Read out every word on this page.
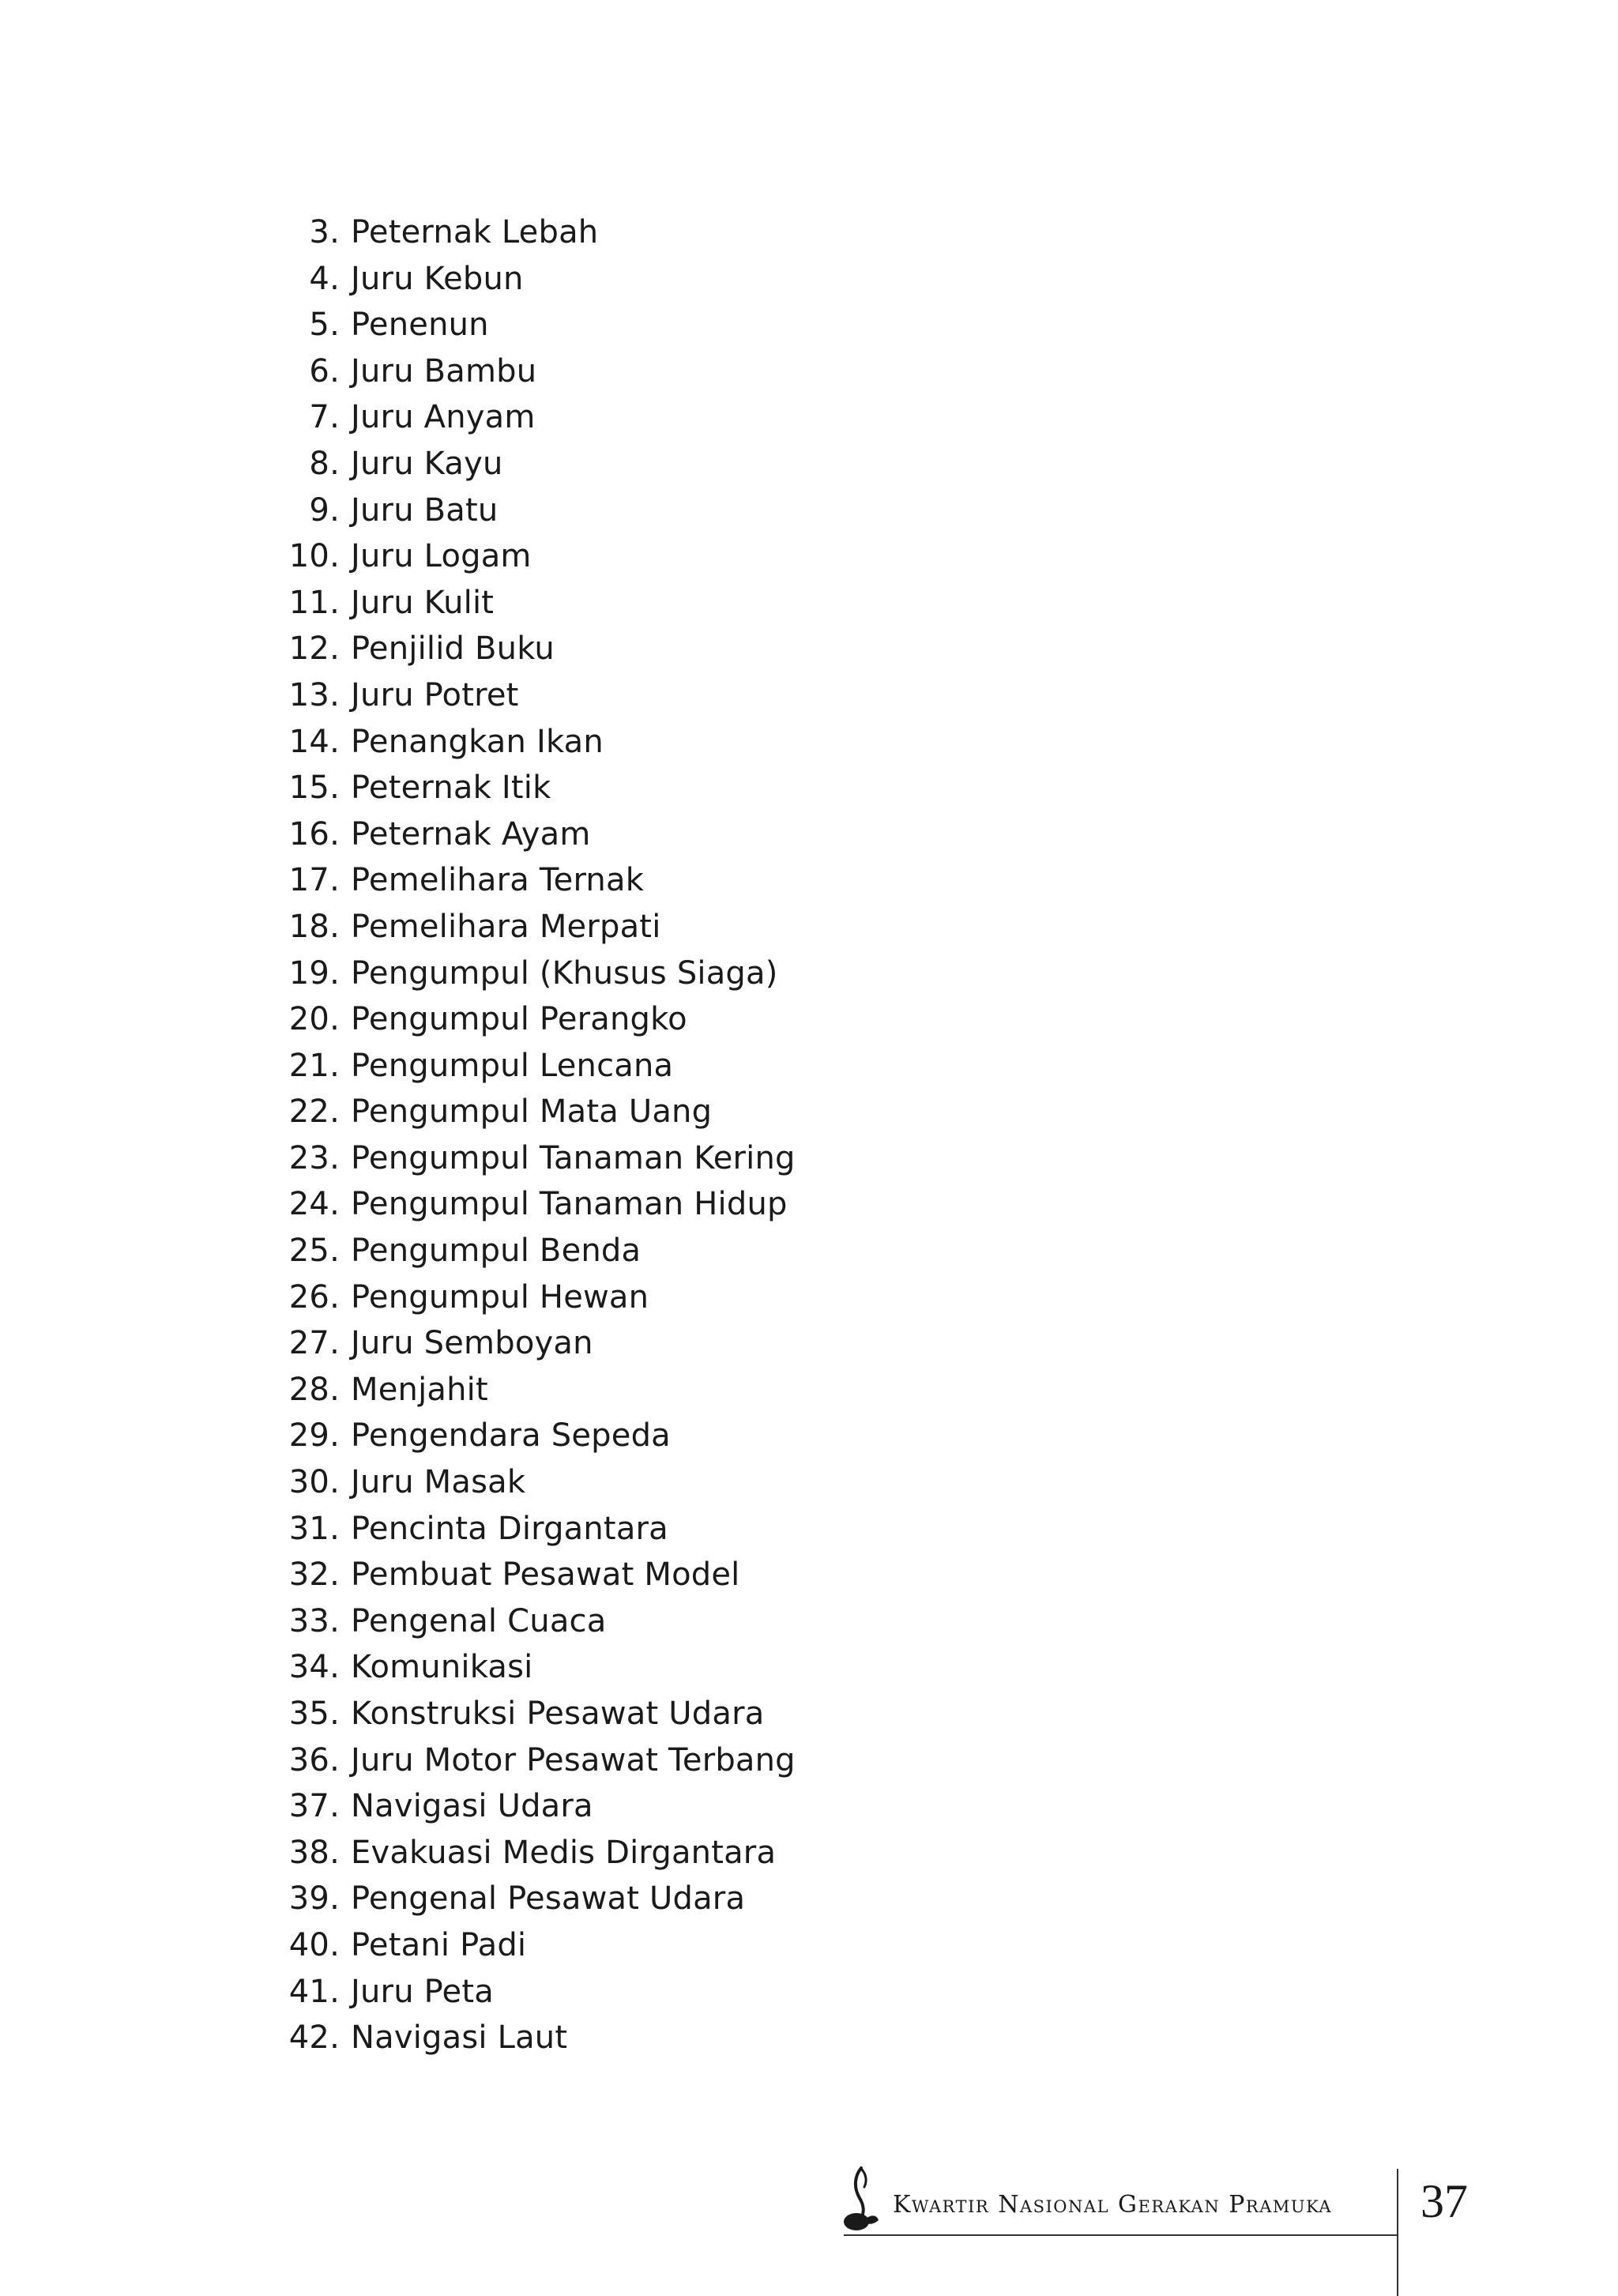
3. Peternak Lebah
4. Juru Kebun
5. Penenun
6. Juru Bambu
7. Juru Anyam
8. Juru Kayu
9. Juru Batu
10. Juru Logam
11. Juru Kulit
12. Penjilid Buku
13. Juru Potret
14. Penangkan Ikan
15. Peternak Itik
16. Peternak Ayam
17. Pemelihara Ternak
18. Pemelihara Merpati
19. Pengumpul (Khusus Siaga)
20. Pengumpul Perangko
21. Pengumpul Lencana
22. Pengumpul Mata Uang
23. Pengumpul Tanaman Kering
24. Pengumpul Tanaman Hidup
25. Pengumpul Benda
26. Pengumpul Hewan
27. Juru Semboyan
28. Menjahit
29. Pengendara Sepeda
30. Juru Masak
31. Pencinta Dirgantara
32. Pembuat Pesawat Model
33. Pengenal Cuaca
34. Komunikasi
35. Konstruksi Pesawat Udara
36. Juru Motor Pesawat Terbang
37. Navigasi Udara
38. Evakuasi Medis Dirgantara
39. Pengenal Pesawat Udara
40. Petani Padi
41. Juru Peta
42. Navigasi Laut
Kwartir Nasional Gerakan Pramuka 37
